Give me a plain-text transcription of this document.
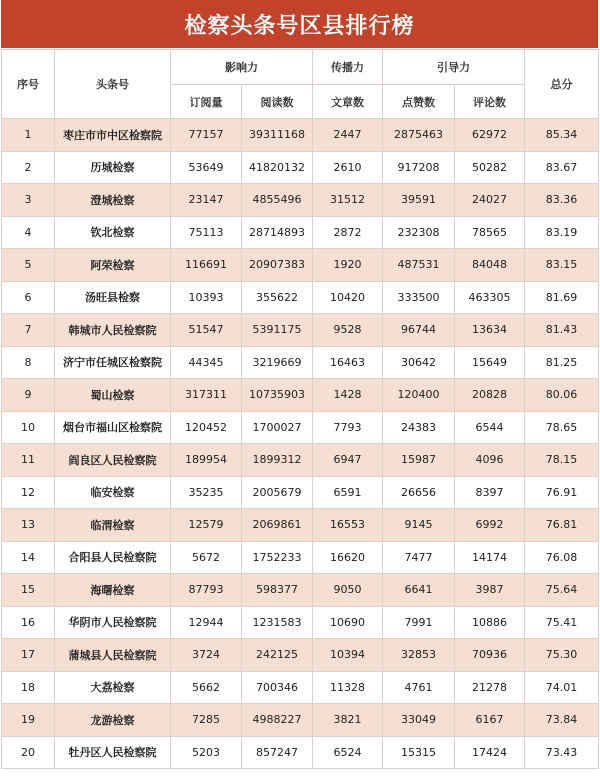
检察头条号区县排行榜
序号	头条号	影响力		传播力	引导力		总分
		订阅量	阅读数	文章数	点赞数	评论数	
1	枣庄市市中区检察院	77157	39311168	2447	2875463	62972	85.34
2	历城检察	53649	41820132	2610	917208	50282	83.67
3	澄城检察	23147	4855496	31512	39591	24027	83.36
4	钦北检察	75113	28714893	2872	232308	78565	83.19
5	阿荣检察	116691	20907383	1920	487531	84048	83.15
6	汤旺县检察	10393	355622	10420	333500	463305	81.69
7	韩城市人民检察院	51547	5391175	9528	96744	13634	81.43
8	济宁市任城区检察院	44345	3219669	16463	30642	15649	81.25
9	蜀山检察	317311	10735903	1428	120400	20828	80.06
10	烟台市福山区检察院	120452	1700027	7793	24383	6544	78.65
11	阎良区人民检察院	189954	1899312	6947	15987	4096	78.15
12	临安检察	35235	2005679	6591	26656	8397	76.91
13	临渭检察	12579	2069861	16553	9145	6992	76.81
14	合阳县人民检察院	5672	1752233	16620	7477	14174	76.08
15	海曙检察	87793	598377	9050	6641	3987	75.64
16	华阴市人民检察院	12944	1231583	10690	7991	10886	75.41
17	蒲城县人民检察院	3724	242125	10394	32853	70936	75.30
18	大荔检察	5662	700346	11328	4761	21278	74.01
19	龙游检察	7285	4988227	3821	33049	6167	73.84
20	牡丹区人民检察院	5203	857247	6524	15315	17424	73.43
